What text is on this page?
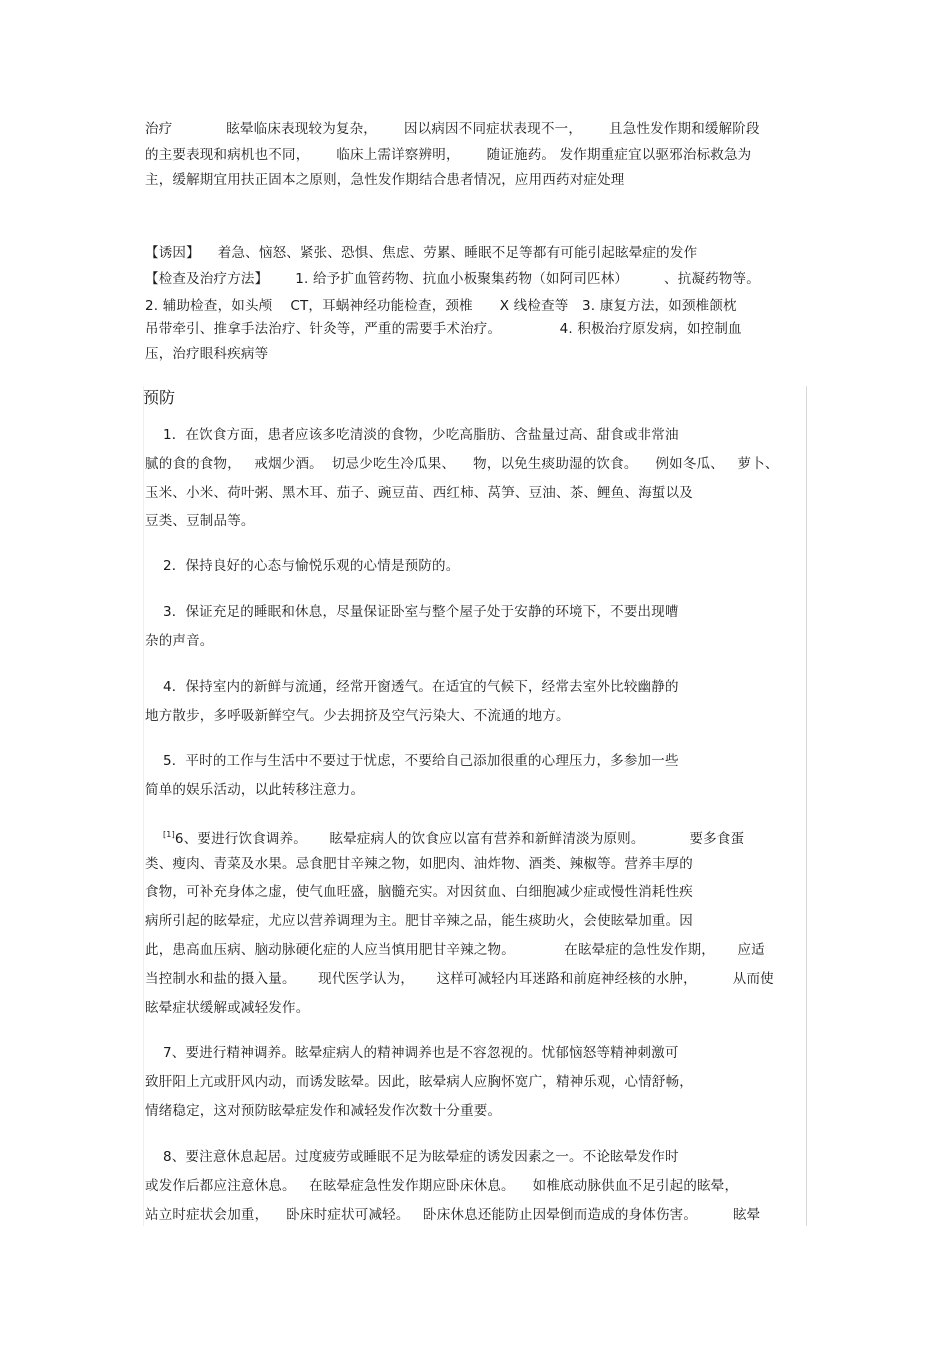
治疗            眩晕临床表现较为复杂，      因以病因不同症状表现不一，      且急性发作期和缓解阶段
的主要表现和病机也不同，      临床上需详察辨明，      随证施药。 发作期重症宜以驱邪治标救急为
主，缓解期宜用扶正固本之原则，急性发作期结合患者情况，应用西药对症处理
【诱因】    着急、恼怒、紧张、恐惧、焦虑、劳累、睡眠不足等都有可能引起眩晕症的发作
【检查及治疗方法】      1. 给予扩血管药物、抗血小板聚集药物（如阿司匹林）        、抗凝药物等。
2. 辅助检查，如头颅    CT，耳蜗神经功能检查，颈椎      X 线检查等   3. 康复方法，如颈椎颌枕
吊带牵引、推拿手法治疗、针灸等，严重的需要手术治疗。             4. 积极治疗原发病，如控制血
压，治疗眼科疾病等
预防
1．在饮食方面，患者应该多吃清淡的食物，少吃高脂肪、含盐量过高、甜食或非常油
腻的食的食物，   戒烟少酒。  切忌少吃生冷瓜果、    物，以免生痰助湿的饮食。    例如冬瓜、   萝卜、
玉米、小米、荷叶粥、黑木耳、茄子、豌豆苗、西红柿、莴笋、豆油、茶、鲤鱼、海蜇以及
豆类、豆制品等。
2．保持良好的心态与愉悦乐观的心情是预防的。
3．保证充足的睡眠和休息，尽量保证卧室与整个屋子处于安静的环境下，不要出现嘈
杂的声音。
4．保持室内的新鲜与流通，经常开窗透气。在适宜的气候下，经常去室外比较幽静的
地方散步，多呼吸新鲜空气。少去拥挤及空气污染大、不流通的地方。
5．平时的工作与生活中不要过于忧虑，不要给自己添加很重的心理压力，多参加一些
简单的娱乐活动，以此转移注意力。
[1]6、要进行饮食调养。     眩晕症病人的饮食应以富有营养和新鲜清淡为原则。          要多食蛋
类、瘦肉、青菜及水果。忌食肥甘辛辣之物，如肥肉、油炸物、酒类、辣椒等。营养丰厚的
食物，可补充身体之虚，使气血旺盛，脑髓充实。对因贫血、白细胞减少症或慢性消耗性疾
病所引起的眩晕症，尤应以营养调理为主。肥甘辛辣之品，能生痰助火，会使眩晕加重。因
此，患高血压病、脑动脉硬化症的人应当慎用肥甘辛辣之物。           在眩晕症的急性发作期，     应适
当控制水和盐的摄入量。     现代医学认为，     这样可减轻内耳迷路和前庭神经核的水肿，        从而使
眩晕症状缓解或减轻发作。
7、要进行精神调养。眩晕症病人的精神调养也是不容忽视的。忧郁恼怒等精神刺激可
致肝阳上亢或肝风内动，而诱发眩晕。因此，眩晕病人应胸怀宽广，精神乐观，心情舒畅，
情绪稳定，这对预防眩晕症发作和减轻发作次数十分重要。
8、要注意休息起居。过度疲劳或睡眠不足为眩晕症的诱发因素之一。不论眩晕发作时
或发作后都应注意休息。   在眩晕症急性发作期应卧床休息。    如椎底动脉供血不足引起的眩晕，
站立时症状会加重，    卧床时症状可减轻。   卧床休息还能防止因晕倒而造成的身体伤害。        眩晕
